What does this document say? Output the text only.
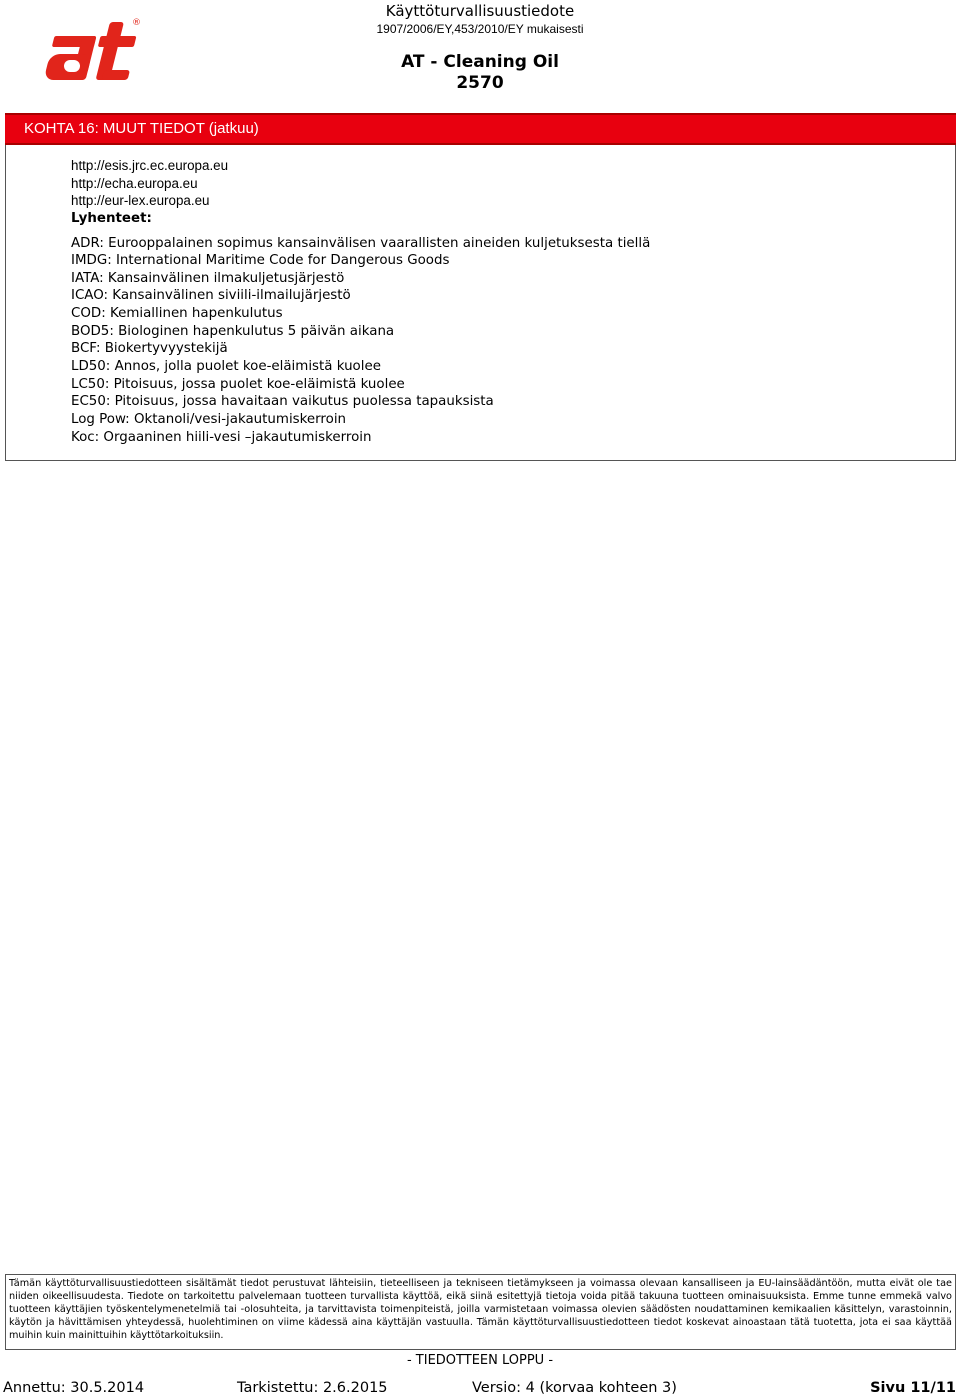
®
Käyttöturvallisuustiedote
1907/2006/EY,453/2010/EY mukaisesti
AT - Cleaning Oil
2570
KOHTA 16: MUUT TIEDOT (jatkuu)
http://esis.jrc.ec.europa.eu
http://echa.europa.eu
http://eur-lex.europa.eu
Lyhenteet:
ADR: Eurooppalainen sopimus kansainvälisen vaarallisten aineiden kuljetuksesta tiellä
IMDG: International Maritime Code for Dangerous Goods
IATA: Kansainvälinen ilmakuljetusjärjestö
ICAO: Kansainvälinen siviili-ilmailujärjestö
COD: Kemiallinen hapenkulutus
BOD5: Biologinen hapenkulutus 5 päivän aikana
BCF: Biokertyvyystekijä
LD50: Annos, jolla puolet koe-eläimistä kuolee
LC50: Pitoisuus, jossa puolet koe-eläimistä kuolee
EC50: Pitoisuus, jossa havaitaan vaikutus puolessa tapauksista
Log Pow: Oktanoli/vesi-jakautumiskerroin
Koc: Orgaaninen hiili-vesi –jakautumiskerroin
Tämän käyttöturvallisuustiedotteen sisältämät tiedot perustuvat lähteisiin, tieteelliseen ja tekniseen tietämykseen ja voimassa olevaan kansalliseen ja EU-lainsäädäntöön, mutta eivät ole tae niiden oikeellisuudesta. Tiedote on tarkoitettu palvelemaan tuotteen turvallista käyttöä, eikä siinä esitettyjä tietoja voida pitää takuuna tuotteen ominaisuuksista. Emme tunne emmekä valvo tuotteen käyttäjien työskentelymenetelmiä tai -olosuhteita, ja tarvittavista toimenpiteistä, joilla varmistetaan voimassa olevien säädösten noudattaminen kemikaalien käsittelyn, varastoinnin, käytön ja hävittämisen yhteydessä, huolehtiminen on viime kädessä aina käyttäjän vastuulla. Tämän käyttöturvallisuustiedotteen tiedot koskevat ainoastaan tätä tuotetta, jota ei saa käyttää muihin kuin mainittuihin käyttötarkoituksiin.
- TIEDOTTEEN LOPPU -
Annettu: 30.5.2014	Tarkistettu: 2.6.2015	Versio: 4 (korvaa kohteen 3)	Sivu 11/11
